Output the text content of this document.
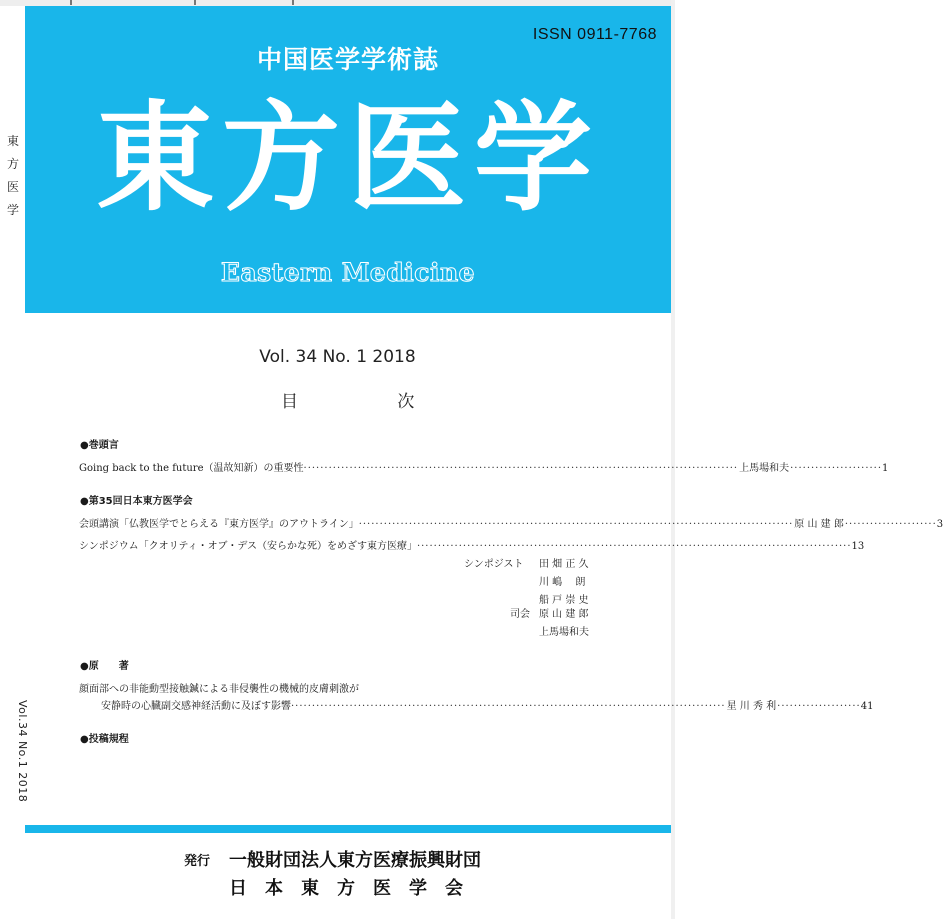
中国医学学術誌
ISSN 0911-7768
東方医学
Eastern Medicine
東
方
医
学
Vol.34 No.1 2018
Vol. 34 No. 1 2018
目	次
●巻頭言
Going back to the future（温故知新）の重要性 ········································································································ 上馬場和夫 ······················ 1
●第35回日本東方医学会
会頭講演「仏教医学でとらえる『東方医学』のアウトライン」 ········································································································ 原 山 建 郎 ······················ 3
シンポジウム「クオリティ・オブ・デス（安らかな死）をめざす東方医療」 ········································································································ 13
シンポジスト 田 畑 正 久
川 嶋　 朗
船 戸 崇 史
司会 原 山 建 郎
上馬場和夫
●原　　著
顔面部への非能動型接触鍼による非侵襲性の機械的皮膚刺激が
安静時の心臓副交感神経活動に及ぼす影響 ········································································································ 星 川 秀 利 ···················· 41
●投稿規程
発行 一般財団法人東方医療振興財団
日　本　東　方　医　学　会
